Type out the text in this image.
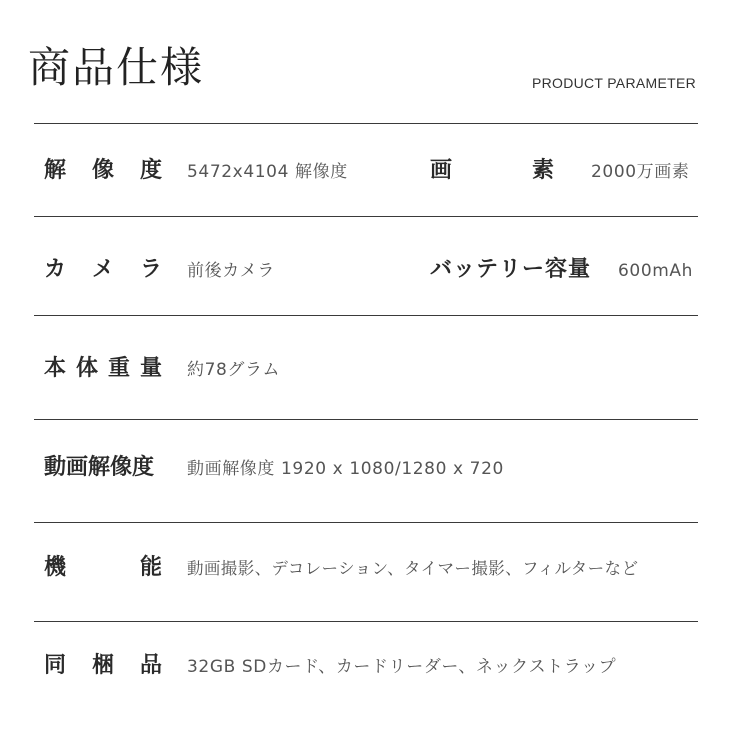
商品仕様	PRODUCT PARAMETER
解 像 度 5472x4104 解像度	画	素 2000万画素
カ メ ラ 前後カメラ	バッテリー容量 600mAh
本 体 重 量 約78グラム
動画解像度 動画解像度 1920 x 1080/1280 x 720
機	能 動画撮影、デコレーション、タイマー撮影、フィルターなど
同 梱 品 32GB SDカード、カードリーダー、ネックストラップ
